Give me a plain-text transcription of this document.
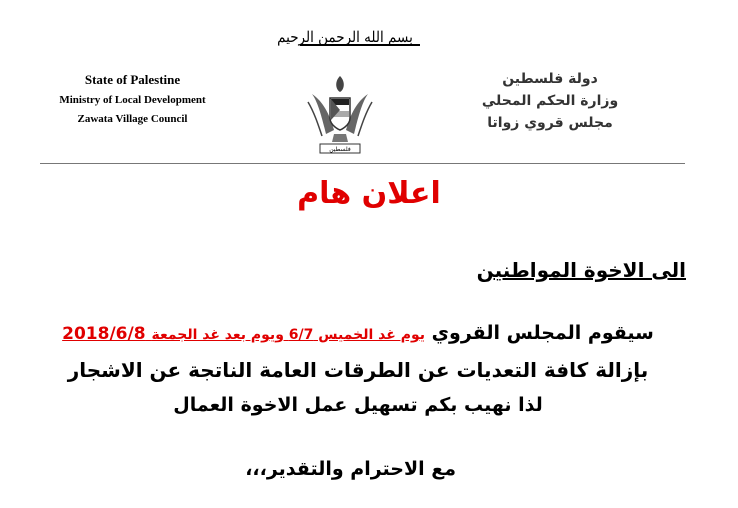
بسم الله الرحمن الرحيم
State of Palestine
Ministry of Local Development
Zawata Village Council
فلسطين
دولة فلسطين
وزارة الحكم المحلي
مجلس قروي زواتا
اعلان هام
الى الاخوة المواطنين
سيقوم المجلس القروي يوم غد الخميس 6/7 ويوم بعد غد الجمعة 2018/6/8
بإزالة كافة التعديات عن الطرقات العامة الناتجة عن الاشجار
لذا نهيب بكم تسهيل عمل الاخوة العمال
مع الاحترام والتقدير،،،
